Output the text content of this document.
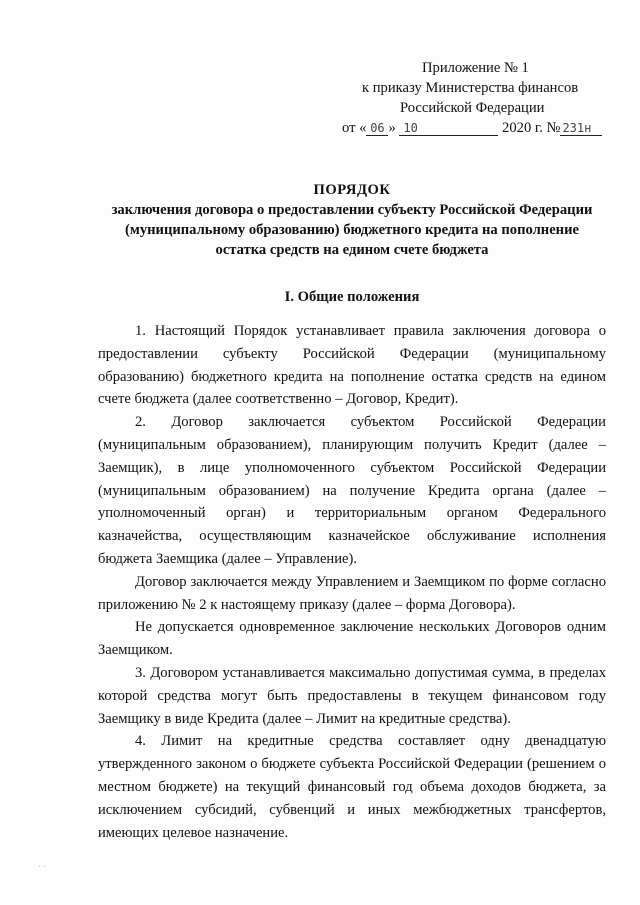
Приложение № 1
к приказу Министерства финансов
Российской Федерации
от « 06 » 10	2020 г. № 231н
ПОРЯДОК
заключения договора о предоставлении субъекту Российской Федерации
(муниципальному образованию) бюджетного кредита на пополнение
остатка средств на едином счете бюджета
I. Общие положения

1. Настоящий Порядок устанавливает правила заключения договора о предоставлении субъекту Российской Федерации (муниципальному образованию) бюджетного кредита на пополнение остатка средств на едином счете бюджета (далее соответственно – Договор, Кредит).

2. Договор заключается субъектом Российской Федерации (муниципальным образованием), планирующим получить Кредит (далее – Заемщик), в лице уполномоченного субъектом Российской Федерации (муниципальным образованием) на получение Кредита органа (далее – уполномоченный орган) и территориальным органом Федерального казначейства, осуществляющим казначейское обслуживание исполнения бюджета Заемщика (далее – Управление).

Договор заключается между Управлением и Заемщиком по форме согласно приложению № 2 к настоящему приказу (далее – форма Договора).

Не допускается одновременное заключение нескольких Договоров одним Заемщиком.

3. Договором устанавливается максимально допустимая сумма, в пределах которой средства могут быть предоставлены в текущем финансовом году Заемщику в виде Кредита (далее – Лимит на кредитные средства).

4. Лимит на кредитные средства составляет одну двенадцатую утвержденного законом о бюджете субъекта Российской Федерации (решением о местном бюджете) на текущий финансовый год объема доходов бюджета, за исключением субсидий, субвенций и иных межбюджетных трансфертов, имеющих целевое назначение.

· ·
